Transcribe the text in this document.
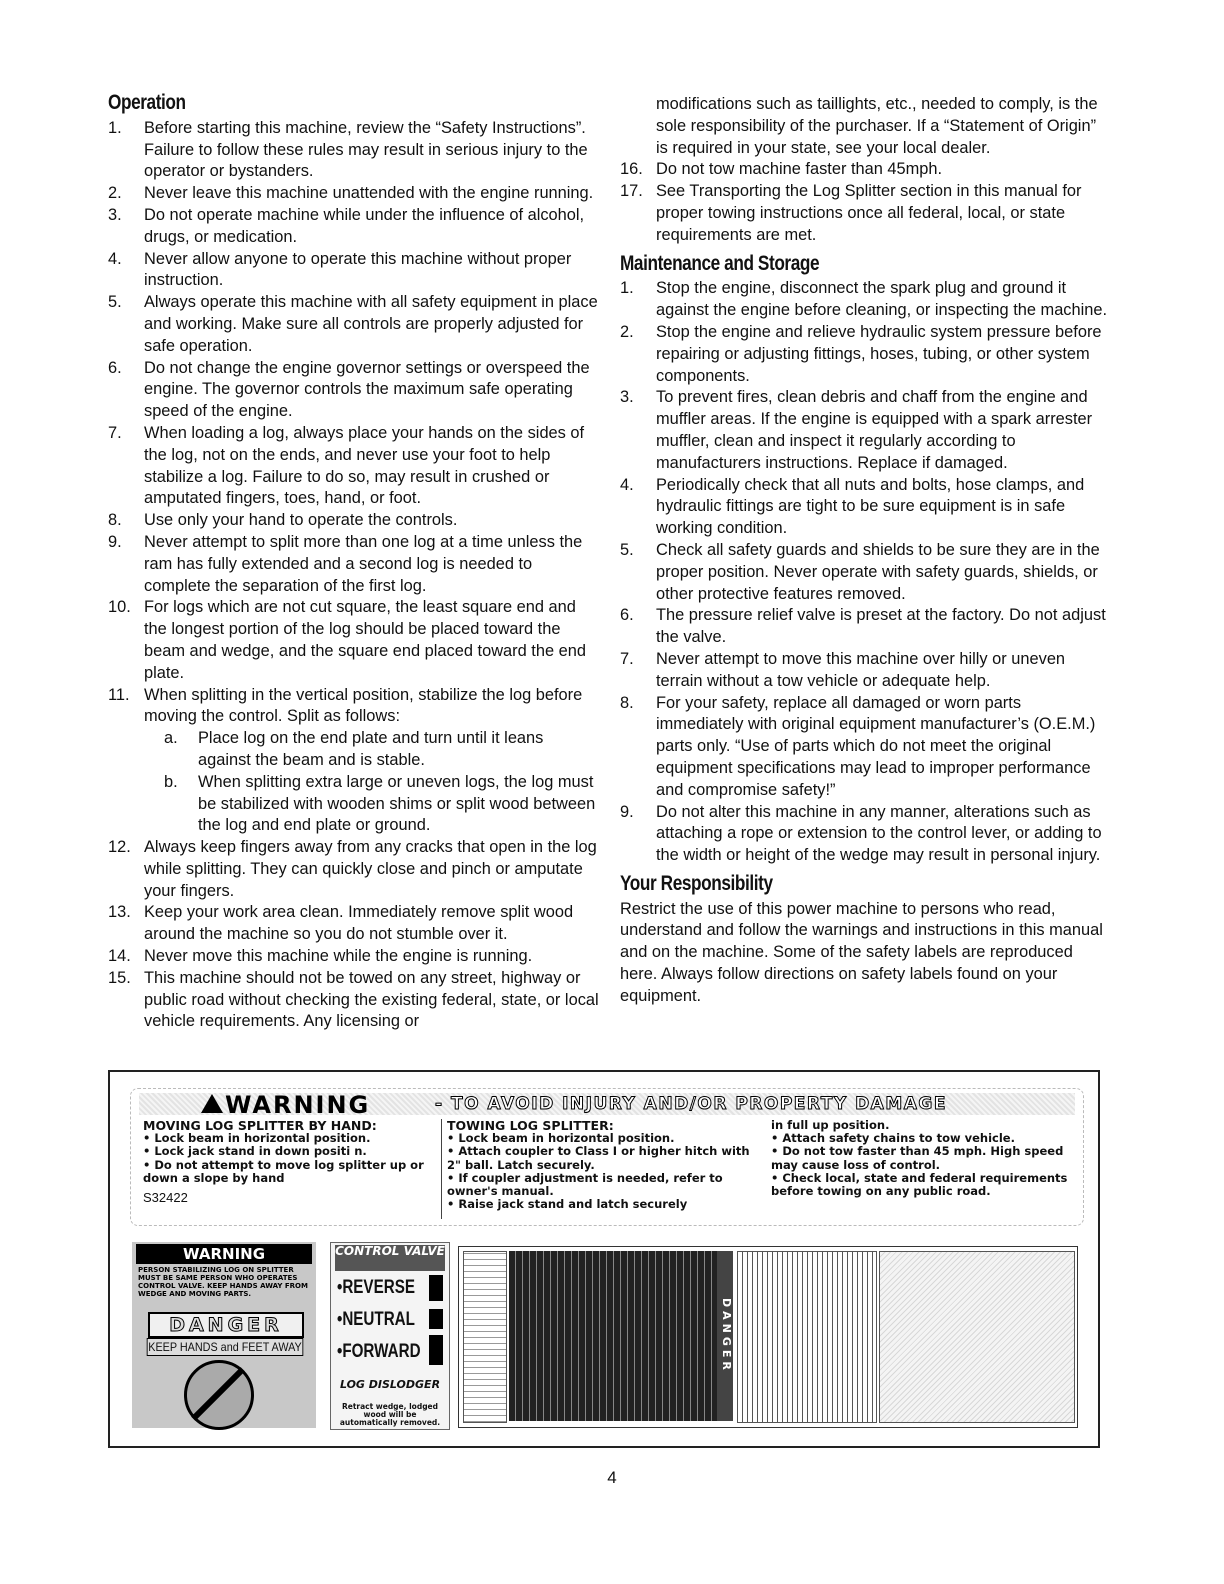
Operation
1. Before starting this machine, review the “Safety Instructions”. Failure to follow these rules may result in serious injury to the operator or bystanders.
2. Never leave this machine unattended with the engine running.
3. Do not operate machine while under the influence of alcohol, drugs, or medication.
4. Never allow anyone to operate this machine without proper instruction.
5. Always operate this machine with all safety equipment in place and working. Make sure all controls are properly adjusted for safe operation.
6. Do not change the engine governor settings or overspeed the engine. The governor controls the maximum safe operating speed of the engine.
7. When loading a log, always place your hands on the sides of the log, not on the ends, and never use your foot to help stabilize a log. Failure to do so, may result in crushed or amputated fingers, toes, hand, or foot.
8. Use only your hand to operate the controls.
9. Never attempt to split more than one log at a time unless the ram has fully extended and a second log is needed to complete the separation of the first log.
10. For logs which are not cut square, the least square end and the longest portion of the log should be placed toward the beam and wedge, and the square end placed toward the end plate.
11. When splitting in the vertical position, stabilize the log before moving the control. Split as follows:
a. Place log on the end plate and turn until it leans against the beam and is stable.
b. When splitting extra large or uneven logs, the log must be stabilized with wooden shims or split wood between the log and end plate or ground.
12. Always keep fingers away from any cracks that open in the log while splitting. They can quickly close and pinch or amputate your fingers.
13. Keep your work area clean. Immediately remove split wood around the machine so you do not stumble over it.
14. Never move this machine while the engine is running.
15. This machine should not be towed on any street, highway or public road without checking the existing federal, state, or local vehicle requirements. Any licensing or

modifications such as taillights, etc., needed to comply, is the sole responsibility of the purchaser. If a “Statement of Origin” is required in your state, see your local dealer.

16. Do not tow machine faster than 45mph.
17. See Transporting the Log Splitter section in this manual for proper towing instructions once all federal, local, or state requirements are met.
Maintenance and Storage
1. Stop the engine, disconnect the spark plug and ground it against the engine before cleaning, or inspecting the machine.
2. Stop the engine and relieve hydraulic system pressure before repairing or adjusting fittings, hoses, tubing, or other system components.
3. To prevent fires, clean debris and chaff from the engine and muffler areas. If the engine is equipped with a spark arrester muffler, clean and inspect it regularly according to manufacturers instructions. Replace if damaged.
4. Periodically check that all nuts and bolts, hose clamps, and hydraulic fittings are tight to be sure equipment is in safe working condition.
5. Check all safety guards and shields to be sure they are in the proper position. Never operate with safety guards, shields, or other protective features removed.
6. The pressure relief valve is preset at the factory. Do not adjust the valve.
7. Never attempt to move this machine over hilly or uneven terrain without a tow vehicle or adequate help.
8. For your safety, replace all damaged or worn parts immediately with original equipment manufacturer’s (O.E.M.) parts only. “Use of parts which do not meet the original equipment specifications may lead to improper performance and compromise safety!”
9. Do not alter this machine in any manner, alterations such as attaching a rope or extension to the control lever, or adding to the width or height of the wedge may result in personal injury.
Your Responsibility

Restrict the use of this power machine to persons who read, understand and follow the warnings and instructions in this manual and on the machine. Some of the safety labels are reproduced here. Always follow directions on safety labels found on your equipment.

WARNING	- TO AVOID INJURY AND/OR PROPERTY DAMAGE
MOVING LOG SPLITTER BY HAND:
• Lock beam in horizontal position.
• Lock jack stand in down positi n.
• Do not attempt to move log splitter up or down a slope by hand
S32422
TOWING LOG SPLITTER:
• Lock beam in horizontal position.
• Attach coupler to Class I or higher hitch with 2" ball. Latch securely.
• If coupler adjustment is needed, refer to owner's manual.
• Raise jack stand and latch securely
in full up position.
• Attach safety chains to tow vehicle.
• Do not tow faster than 45 mph. High speed may cause loss of control.
• Check local, state and federal requirements before towing on any public road.
WARNING
PERSON STABILIZING LOG ON SPLITTER MUST BE SAME PERSON WHO OPERATES CONTROL VALVE. KEEP HANDS AWAY FROM WEDGE AND MOVING PARTS.
DANGER
KEEP HANDS and FEET AWAY
CONTROL VALVE
•REVERSE
•NEUTRAL
•FORWARD
LOG DISLODGER
Retract wedge, lodged wood will be automatically removed.
DANGER
4
